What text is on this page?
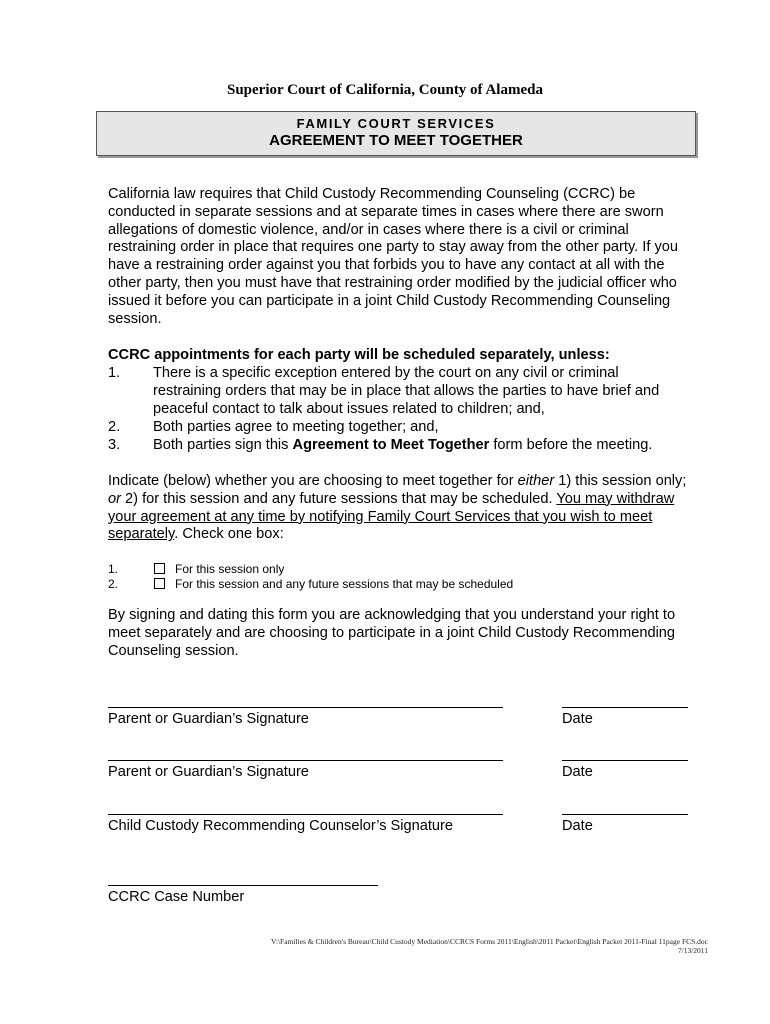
Superior Court of California, County of Alameda
FAMILY COURT SERVICES
AGREEMENT TO MEET TOGETHER
California law requires that Child Custody Recommending Counseling (CCRC) be
conducted in separate sessions and at separate times in cases where there are sworn
allegations of domestic violence, and/or in cases where there is a civil or criminal
restraining order in place that requires one party to stay away from the other party. If you
have a restraining order against you that forbids you to have any contact at all with the
other party, then you must have that restraining order modified by the judicial officer who
issued it before you can participate in a joint Child Custody Recommending Counseling
session.
CCRC appointments for each party will be scheduled separately, unless:
1. There is a specific exception entered by the court on any civil or criminal
restraining orders that may be in place that allows the parties to have brief and
peaceful contact to talk about issues related to children; and,
2. Both parties agree to meeting together; and,
3. Both parties sign this Agreement to Meet Together form before the meeting.
Indicate (below) whether you are choosing to meet together for either 1) this session only;
or 2) for this session and any future sessions that may be scheduled. You may withdraw
your agreement at any time by notifying Family Court Services that you wish to meet
separately. Check one box:
1.	For this session only
2.	For this session and any future sessions that may be scheduled
By signing and dating this form you are acknowledging that you understand your right to
meet separately and are choosing to participate in a joint Child Custody Recommending
Counseling session.
Parent or Guardian’s Signature	Date
Parent or Guardian’s Signature	Date
Child Custody Recommending Counselor’s Signature	Date
CCRC Case Number
V:\Families & Children's Bureau\Child Custody Mediation\CCRCS Forms 2011\English\2011 Packet\English Packet 2011-Final 11page FCS.doc
7/13/2011
